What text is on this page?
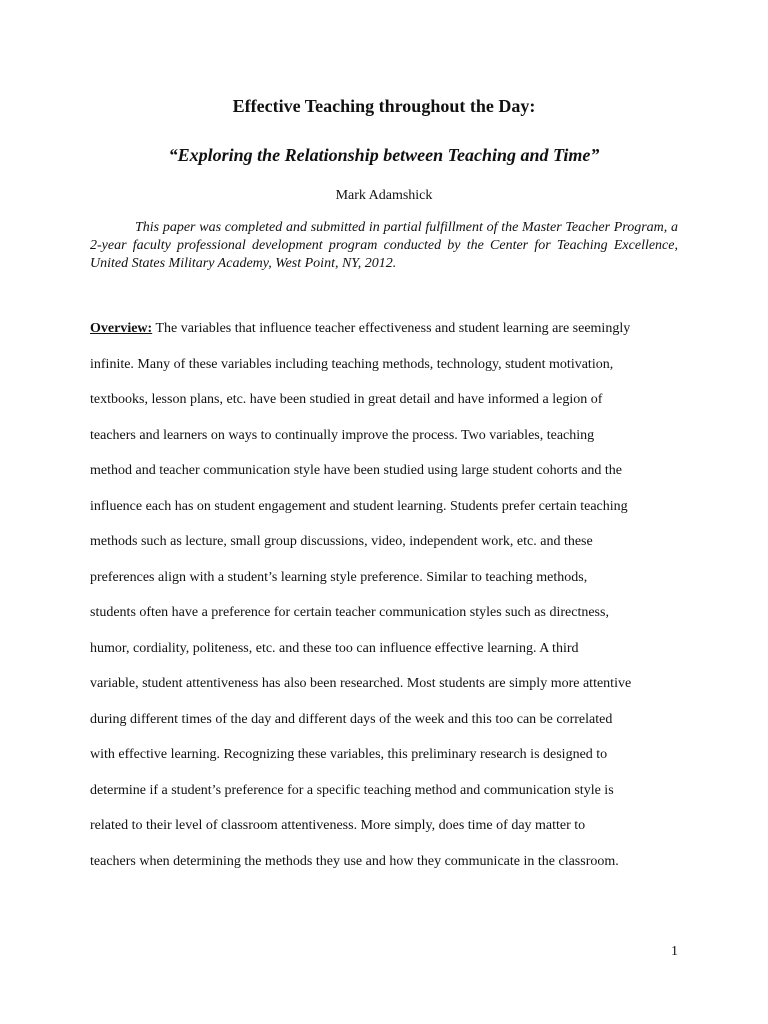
Effective Teaching throughout the Day:
“Exploring the Relationship between Teaching and Time”
Mark Adamshick
This paper was completed and submitted in partial fulfillment of the Master Teacher Program, a 2-year faculty professional development program conducted by the Center for Teaching Excellence, United States Military Academy, West Point, NY, 2012.
Overview: The variables that influence teacher effectiveness and student learning are seemingly
infinite. Many of these variables including teaching methods, technology, student motivation,
textbooks, lesson plans, etc. have been studied in great detail and have informed a legion of
teachers and learners on ways to continually improve the process. Two variables, teaching
method and teacher communication style have been studied using large student cohorts and the
influence each has on student engagement and student learning. Students prefer certain teaching
methods such as lecture, small group discussions, video, independent work, etc. and these
preferences align with a student’s learning style preference. Similar to teaching methods,
students often have a preference for certain teacher communication styles such as directness,
humor, cordiality, politeness, etc. and these too can influence effective learning. A third
variable, student attentiveness has also been researched. Most students are simply more attentive
during different times of the day and different days of the week and this too can be correlated
with effective learning. Recognizing these variables, this preliminary research is designed to
determine if a student’s preference for a specific teaching method and communication style is
related to their level of classroom attentiveness. More simply, does time of day matter to
teachers when determining the methods they use and how they communicate in the classroom.
1
